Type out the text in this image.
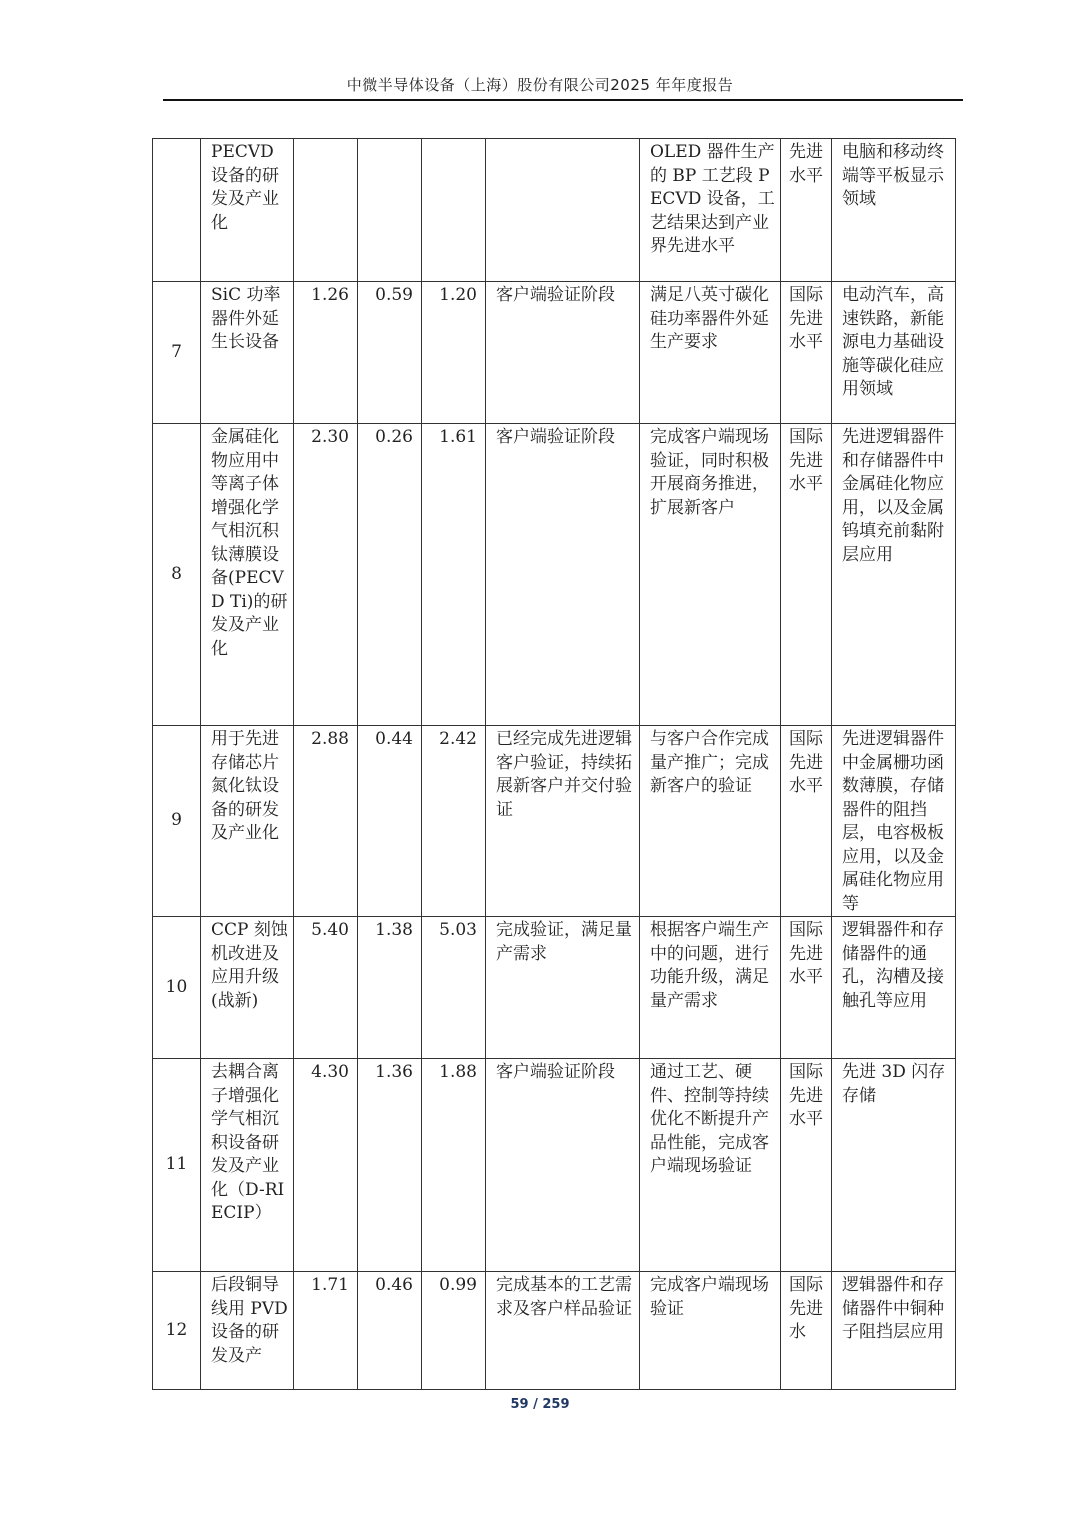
中微半导体设备（上海）股份有限公司2025 年年度报告
	PECVD设备的研发及产业化					OLED 器件生产的 BP 工艺段 PECVD 设备，工艺结果达到产业界先进水平	先进水平	电脑和移动终端等平板显示领域
7	SiC 功率器件外延生长设备	1.26	0.59	1.20	客户端验证阶段	满足八英寸碳化硅功率器件外延生产要求	国际先进水平	电动汽车，高速铁路，新能源电力基础设施等碳化硅应用领域
8	金属硅化物应用中等离子体增强化学气相沉积钛薄膜设备(PECVD Ti)的研发及产业化	2.30	0.26	1.61	客户端验证阶段	完成客户端现场验证，同时积极开展商务推进，扩展新客户	国际先进水平	先进逻辑器件和存储器件中金属硅化物应用，以及金属钨填充前黏附层应用
9	用于先进存储芯片氮化钛设备的研发及产业化	2.88	0.44	2.42	已经完成先进逻辑客户验证，持续拓展新客户并交付验证	与客户合作完成量产推广；完成新客户的验证	国际先进水平	先进逻辑器件中金属栅功函数薄膜，存储器件的阻挡层，电容极板应用，以及金属硅化物应用等
10	CCP 刻蚀机改进及应用升级(战新)	5.40	1.38	5.03	完成验证，满足量产需求	根据客户端生产中的问题，进行功能升级，满足量产需求	国际先进水平	逻辑器件和存储器件的通孔，沟槽及接触孔等应用
11	去耦合离子增强化学气相沉积设备研发及产业化（D-RIECIP）	4.30	1.36	1.88	客户端验证阶段	通过工艺、硬件、控制等持续优化不断提升产品性能，完成客户端现场验证	国际先进水平	先进 3D 闪存存储
12	后段铜导线用 PVD 设备的研发及产	1.71	0.46	0.99	完成基本的工艺需求及客户样品验证	完成客户端现场验证	国际先进水	逻辑器件和存储器件中铜种子阻挡层应用
59 / 259
